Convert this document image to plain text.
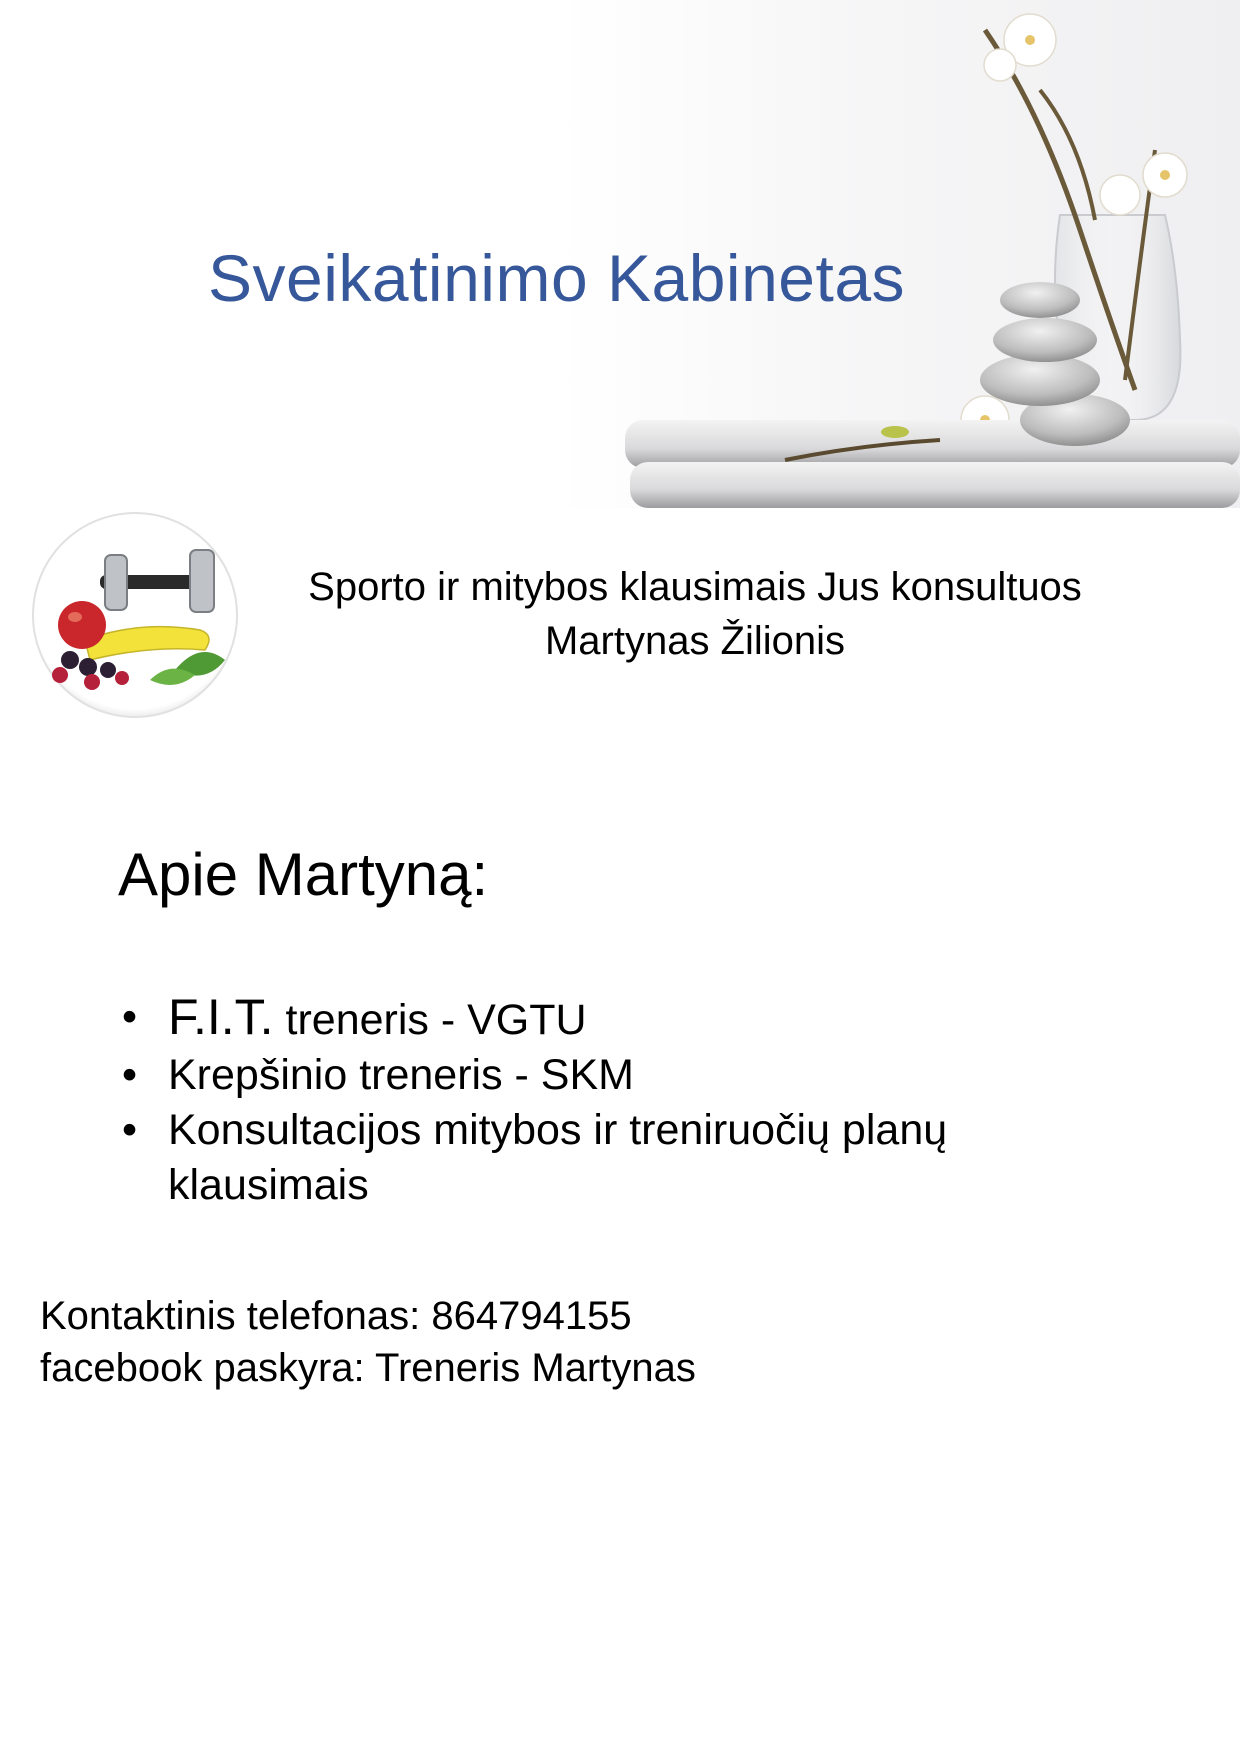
Sveikatinimo Kabinetas
Sporto ir mitybos klausimais Jus konsultuos
Martynas Žilionis
Apie Martyną:
• F.I.T. treneris - VGTU
• Krepšinio treneris - SKM
• Konsultacijos mitybos ir treniruočių planų klausimais
Kontaktinis telefonas: 864794155
facebook paskyra: Treneris Martynas
